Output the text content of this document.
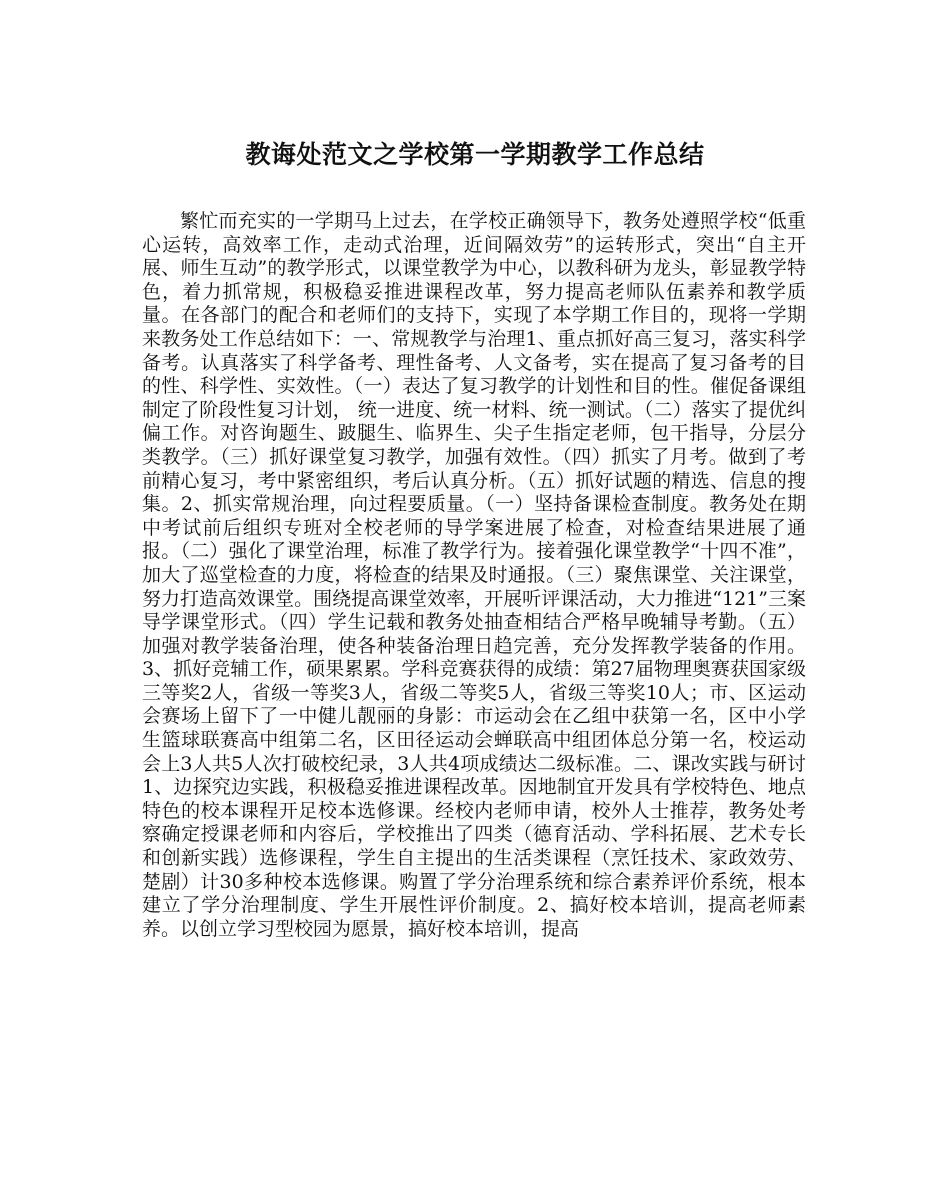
教诲处范文之学校第一学期教学工作总结

繁忙而充实的一学期马上过去，在学校正确领导下，教务处遵照学校“低重心运转，高效率工作，走动式治理，近间隔效劳”的运转形式，突出“自主开展、师生互动”的教学形式，以课堂教学为中心，以教科研为龙头，彰显教学特色，着力抓常规，积极稳妥推进课程改革，努力提高老师队伍素养和教学质量。在各部门的配合和老师们的支持下，实现了本学期工作目的，现将一学期来教务处工作总结如下：一、常规教学与治理1、重点抓好高三复习，落实科学备考。认真落实了科学备考、理性备考、人文备考，实在提高了复习备考的目的性、科学性、实效性。（一）表达了复习教学的计划性和目的性。催促备课组制定了阶段性复习计划， 统一进度、统一材料、统一测试。（二）落实了提优纠偏工作。对咨询题生、跛腿生、临界生、尖子生指定老师，包干指导，分层分类教学。（三）抓好课堂复习教学，加强有效性。（四）抓实了月考。做到了考前精心复习，考中紧密组织，考后认真分析。（五）抓好试题的精选、信息的搜集。2、抓实常规治理，向过程要质量。（一）坚持备课检查制度。教务处在期中考试前后组织专班对全校老师的导学案进展了检查，对检查结果进展了通报。（二）强化了课堂治理，标准了教学行为。接着强化课堂教学“十四不准”，加大了巡堂检查的力度，将检查的结果及时通报。（三）聚焦课堂、关注课堂，努力打造高效课堂。围绕提高课堂效率，开展听评课活动，大力推进“121”三案导学课堂形式。（四）学生记载和教务处抽查相结合严格早晚辅导考勤。（五）加强对教学装备治理，使各种装备治理日趋完善，充分发挥教学装备的作用。3、抓好竞辅工作，硕果累累。学科竞赛获得的成绩：第27届物理奥赛获国家级三等奖2人，省级一等奖3人，省级二等奖5人，省级三等奖10人；市、区运动会赛场上留下了一中健儿靓丽的身影：市运动会在乙组中获第一名，区中小学生篮球联赛高中组第二名，区田径运动会蝉联高中组团体总分第一名，校运动会上3人共5人次打破校纪录，3人共4项成绩达二级标准。二、课改实践与研讨1、边探究边实践，积极稳妥推进课程改革。因地制宜开发具有学校特色、地点特色的校本课程开足校本选修课。经校内老师申请，校外人士推荐，教务处考察确定授课老师和内容后，学校推出了四类（德育活动、学科拓展、艺术专长和创新实践）选修课程，学生自主提出的生活类课程（烹饪技术、家政效劳、楚剧）计30多种校本选修课。购置了学分治理系统和综合素养评价系统，根本建立了学分治理制度、学生开展性评价制度。2、搞好校本培训，提高老师素养。以创立学习型校园为愿景，搞好校本培训，提高
